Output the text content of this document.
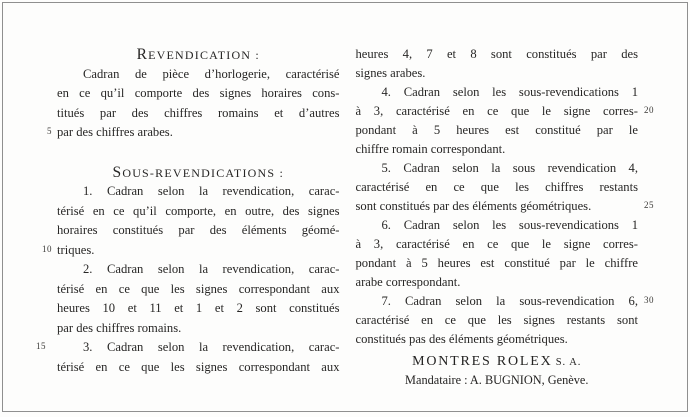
REVENDICATION :
Cadran de pièce d’horlogerie, caractérisé
en ce qu’il comporte des signes horaires cons-
titués par des chiffres romains et d’autres
par des chiffres arabes.
5
SOUS-REVENDICATIONS :
1. Cadran selon la revendication, carac-
térisé en ce qu’il comporte, en outre, des signes
horaires constitués par des éléments géomé-
triques.
10
2. Cadran selon la revendication, carac-
térisé en ce que les signes correspondant aux
heures 10 et 11 et 1 et 2 sont constitués
par des chiffres romains.
3. Cadran selon la revendication, carac-
15
térisé en ce que les signes correspondant aux
heures 4, 7 et 8 sont constitués par des
signes arabes.
4. Cadran selon les sous-revendications 1
à 3, caractérisé en ce que le signe corres- 20
pondant à 5 heures est constitué par le
chiffre romain correspondant.
5. Cadran selon la sous revendication 4,
caractérisé en ce que les chiffres restants
sont constitués par des éléments géométriques.	25
6. Cadran selon les sous-revendications 1
à 3, caractérisé en ce que le signe corres-
pondant à 5 heures est constitué par le chiffre
arabe correspondant.
7. Cadran selon la sous-revendication 6, 30
caractérisé en ce que les signes restants sont
constitués pas des éléments géométriques.
MONTRES ROLEX S. A.
Mandataire : A. BUGNION, Genève.
